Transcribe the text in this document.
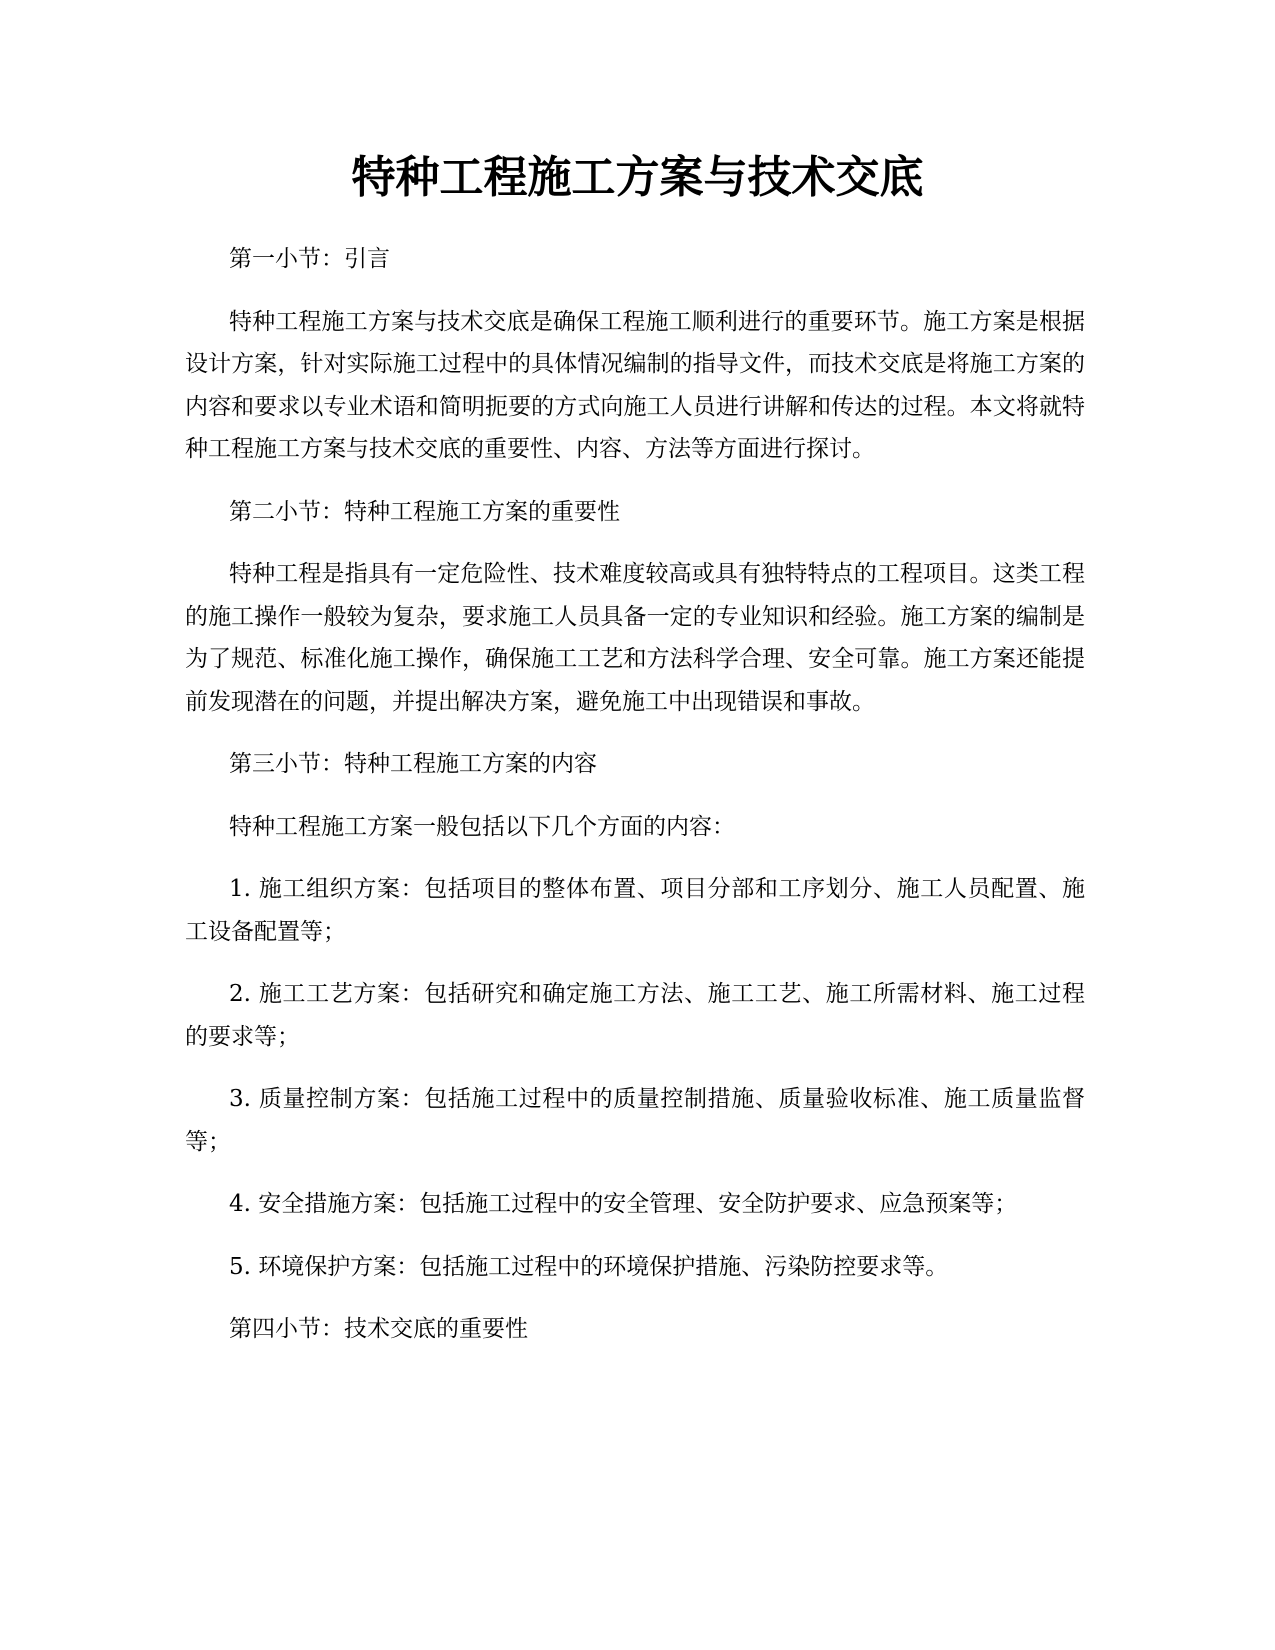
特种工程施工方案与技术交底

第一小节：引言

特种工程施工方案与技术交底是确保工程施工顺利进行的重要环节。施工方案是根据设计方案，针对实际施工过程中的具体情况编制的指导文件，而技术交底是将施工方案的内容和要求以专业术语和简明扼要的方式向施工人员进行讲解和传达的过程。本文将就特种工程施工方案与技术交底的重要性、内容、方法等方面进行探讨。

第二小节：特种工程施工方案的重要性

特种工程是指具有一定危险性、技术难度较高或具有独特特点的工程项目。这类工程的施工操作一般较为复杂，要求施工人员具备一定的专业知识和经验。施工方案的编制是为了规范、标准化施工操作，确保施工工艺和方法科学合理、安全可靠。施工方案还能提前发现潜在的问题，并提出解决方案，避免施工中出现错误和事故。

第三小节：特种工程施工方案的内容

特种工程施工方案一般包括以下几个方面的内容：

1. 施工组织方案：包括项目的整体布置、项目分部和工序划分、施工人员配置、施工设备配置等；

2. 施工工艺方案：包括研究和确定施工方法、施工工艺、施工所需材料、施工过程的要求等；

3. 质量控制方案：包括施工过程中的质量控制措施、质量验收标准、施工质量监督等；

4. 安全措施方案：包括施工过程中的安全管理、安全防护要求、应急预案等；

5. 环境保护方案：包括施工过程中的环境保护措施、污染防控要求等。

第四小节：技术交底的重要性
